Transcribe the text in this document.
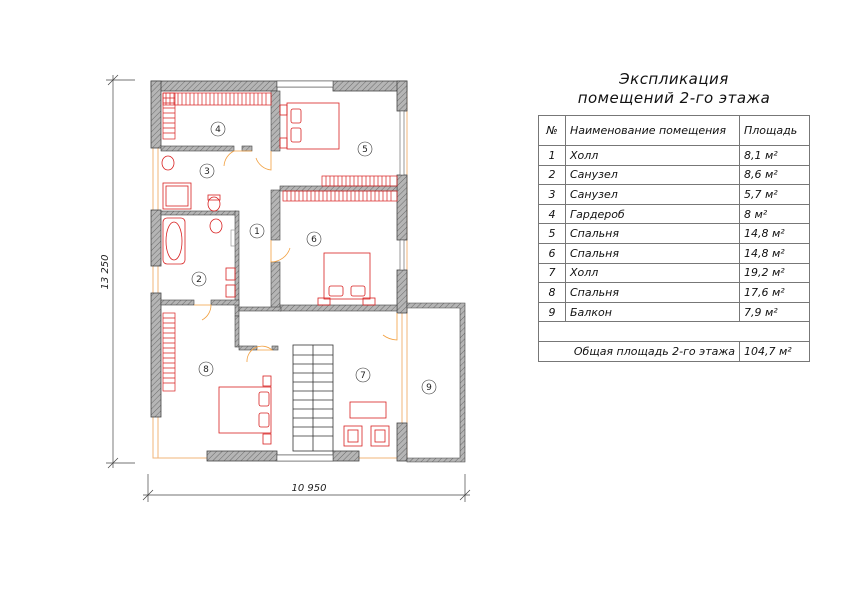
4
5
3
1
6
2
8
7
9
13 250
10 950
Экспликация
помещений 2-го этажа
№	Наименование помещения	Площадь
1	Холл	8,1 м²
2	Санузел	8,6 м²
3	Санузел	5,7 м²
4	Гардероб	8 м²
5	Спальня	14,8 м²
6	Спальня	14,8 м²
7	Холл	19,2 м²
8	Спальня	17,6 м²
9	Балкон	7,9 м²

Общая площадь 2-го этажа		104,7 м²
